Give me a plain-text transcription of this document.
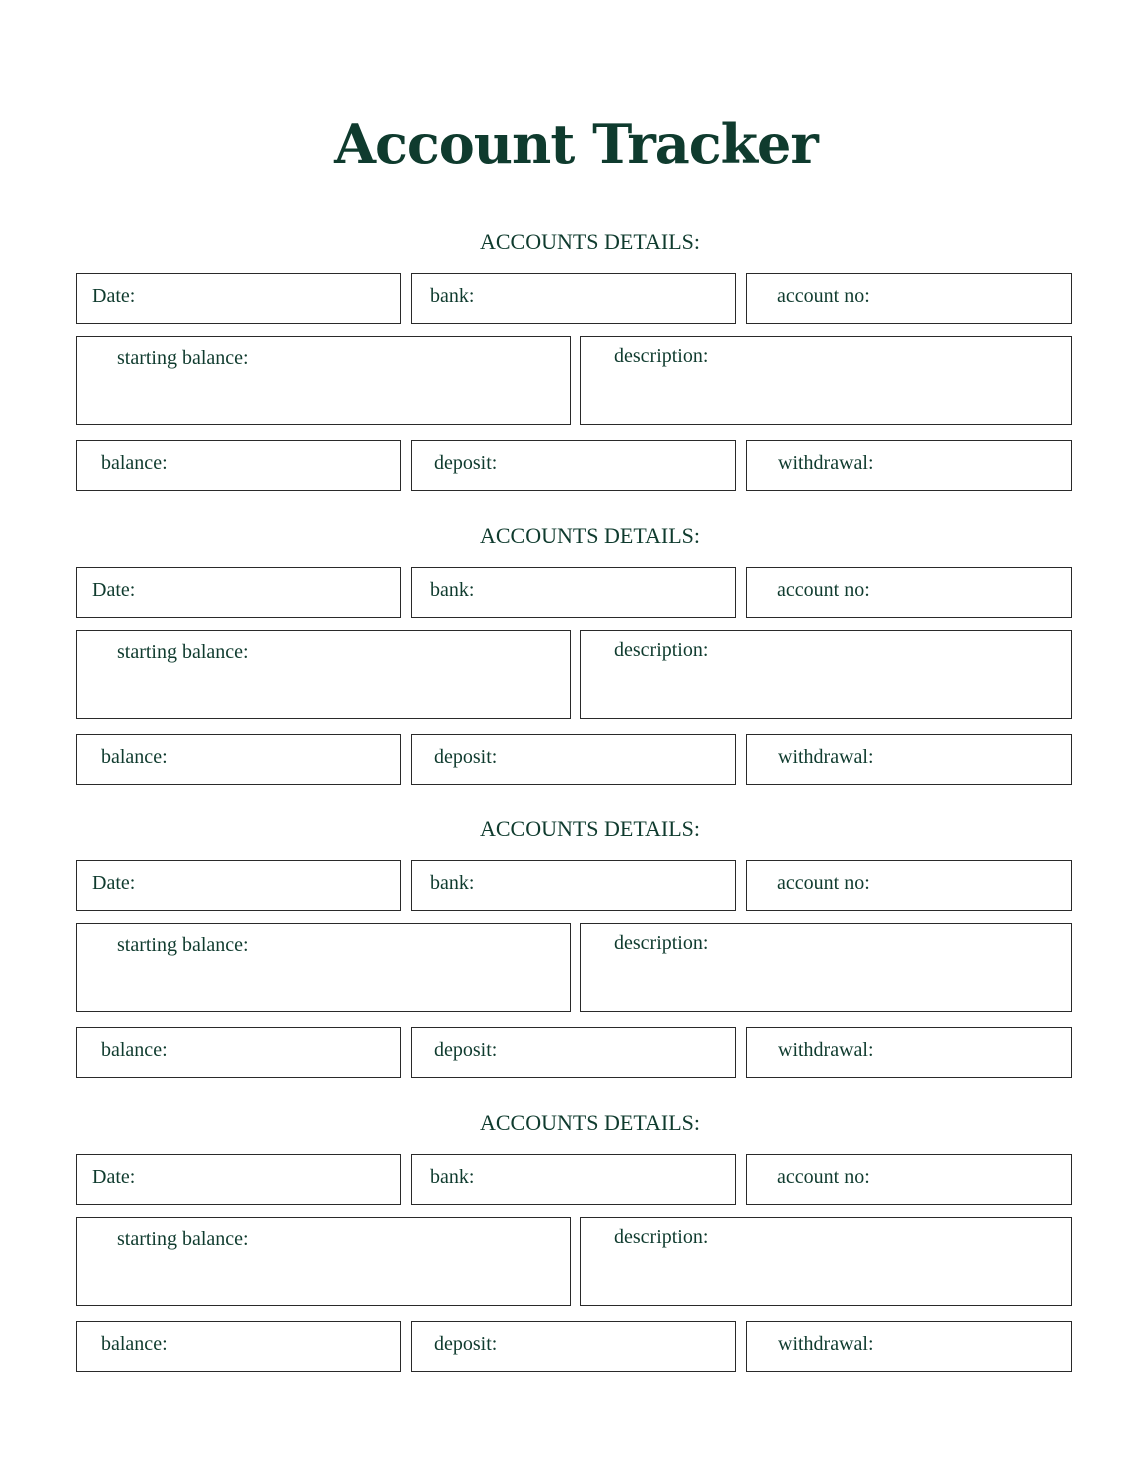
Account Tracker
ACCOUNTS DETAILS:
Date:	bank:	account no:
starting balance:	description:
balance:	deposit:	withdrawal:
ACCOUNTS DETAILS:
Date:	bank:	account no:
starting balance:	description:
balance:	deposit:	withdrawal:
ACCOUNTS DETAILS:
Date:	bank:	account no:
starting balance:	description:
balance:	deposit:	withdrawal:
ACCOUNTS DETAILS:
Date:	bank:	account no:
starting balance:	description:
balance:	deposit:	withdrawal:
